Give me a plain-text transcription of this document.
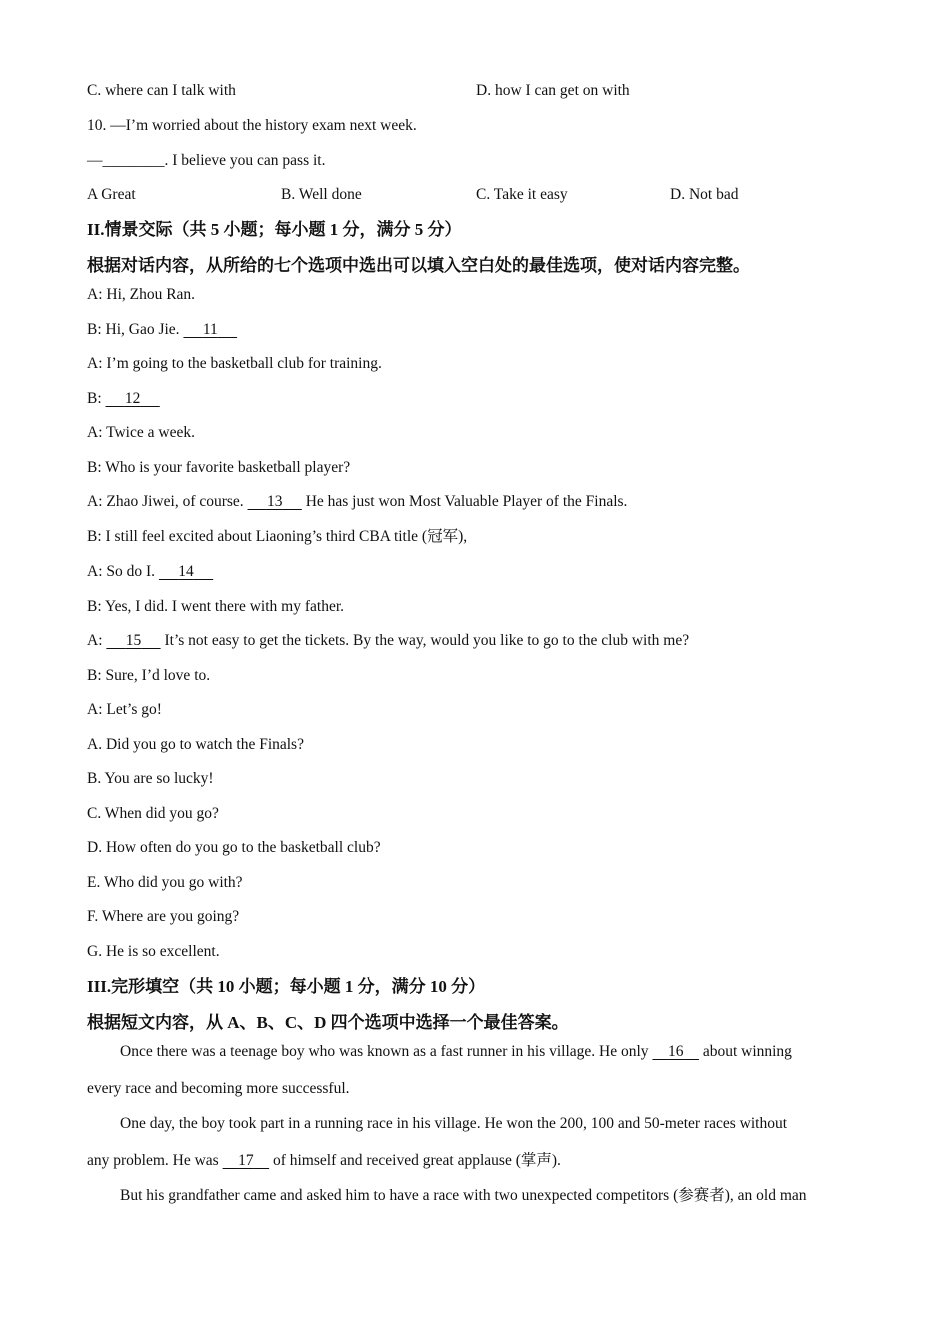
C. where can I talk with	D. how I can get on with
10. —I’m worried about the history exam next week.
—________. I believe you can pass it.
A Great	B. Well done	C. Take it easy	D. Not bad
II.情景交际（共 5 小题；每小题 1 分，满分 5 分）
根据对话内容，从所给的七个选项中选出可以填入空白处的最佳选项，使对话内容完整。
A: Hi, Zhou Ran.
B: Hi, Gao Jie.      11
A: I’m going to the basketball club for training.
B:      12
A: Twice a week.
B: Who is your favorite basketball player?
A: Zhao Jiwei, of course.      13      He has just won Most Valuable Player of the Finals.
B: I still feel excited about Liaoning’s third CBA title (冠军),
A: So do I.      14
B: Yes, I did. I went there with my father.
A:      15      It’s not easy to get the tickets. By the way, would you like to go to the club with me?
B: Sure, I’d love to.
A: Let’s go!
A. Did you go to watch the Finals?
B. You are so lucky!
C. When did you go?
D. How often do you go to the basketball club?
E. Who did you go with?
F. Where are you going?
G. He is so excellent.
III.完形填空（共 10 小题；每小题 1 分，满分 10 分）
根据短文内容，从 A、B、C、D 四个选项中选择一个最佳答案。
Once there was a teenage boy who was known as a fast runner in his village. He only     16     about winning
every race and becoming more successful.
One day, the boy took part in a running race in his village. He won the 200, 100 and 50-meter races without
any problem. He was     17     of himself and received great applause (掌声).
But his grandfather came and asked him to have a race with two unexpected competitors (参赛者), an old man
